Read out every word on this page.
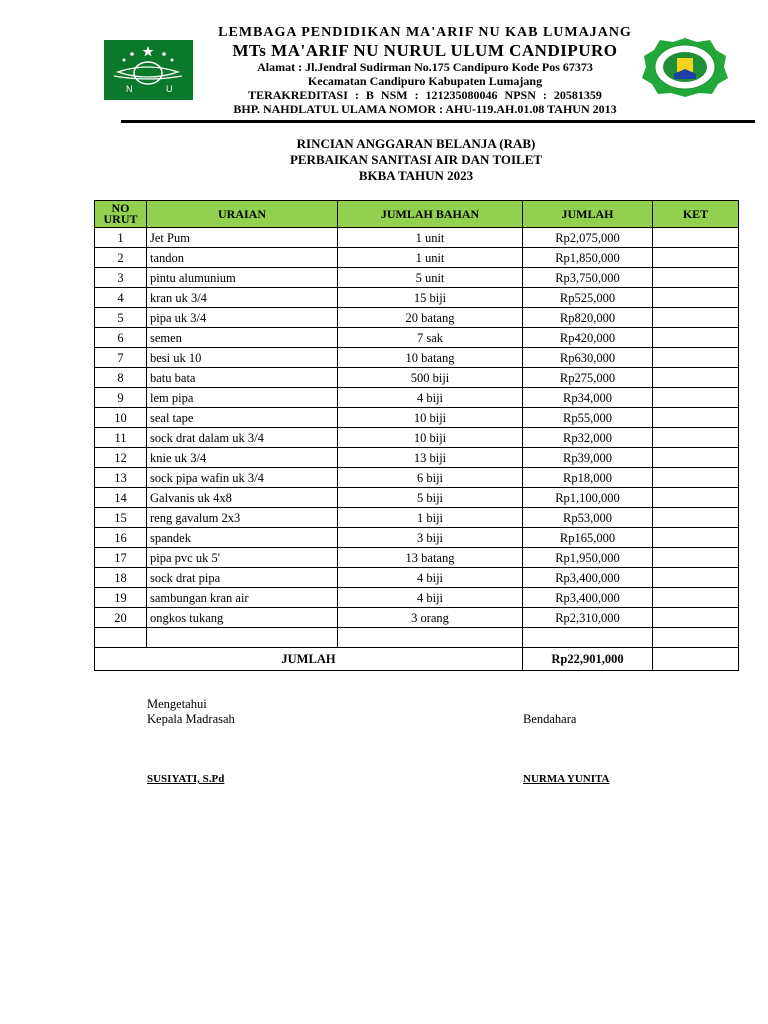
N	U
LEMBAGA PENDIDIKAN MA'ARIF NU KAB LUMAJANG
MTs MA'ARIF NU NURUL ULUM CANDIPURO
Alamat : Jl.Jendral Sudirman No.175 Candipuro Kode Pos 67373
Kecamatan Candipuro Kabupaten Lumajang
TERAKREDITASI : B NSM : 121235080046 NPSN : 20581359
BHP. NAHDLATUL ULAMA NOMOR : AHU-119.AH.01.08 TAHUN 2013
RINCIAN ANGGARAN BELANJA (RAB)
PERBAIKAN SANITASI AIR DAN TOILET
BKBA TAHUN 2023
NO
URUT	URAIAN	JUMLAH BAHAN	JUMLAH	KET
1	Jet Pum	1 unit	Rp2,075,000	
2	tandon	1 unit	Rp1,850,000	
3	pintu alumunium	5 unit	Rp3,750,000	
4	kran uk 3/4	15 biji	Rp525,000	
5	pipa uk 3/4	20 batang	Rp820,000	
6	semen	7 sak	Rp420,000	
7	besi uk 10	10 batang	Rp630,000	
8	batu bata	500 biji	Rp275,000	
9	lem pipa	4 biji	Rp34,000	
10	seal tape	10 biji	Rp55,000	
11	sock drat dalam uk 3/4	10 biji	Rp32,000	
12	knie uk 3/4	13 biji	Rp39,000	
13	sock pipa wafin uk 3/4	6 biji	Rp18,000	
14	Galvanis uk 4x8	5 biji	Rp1,100,000	
15	reng gavalum 2x3	1 biji	Rp53,000	
16	spandek	3 biji	Rp165,000	
17	pipa pvc uk 5'	13 batang	Rp1,950,000	
18	sock drat pipa	4 biji	Rp3,400,000	
19	sambungan kran air	4 biji	Rp3,400,000	
20	ongkos tukang	3 orang	Rp2,310,000	

JUMLAH			Rp22,901,000	
Mengetahui
Kepala Madrasah	Bendahara
SUSIYATI, S.Pd	NURMA YUNITA
